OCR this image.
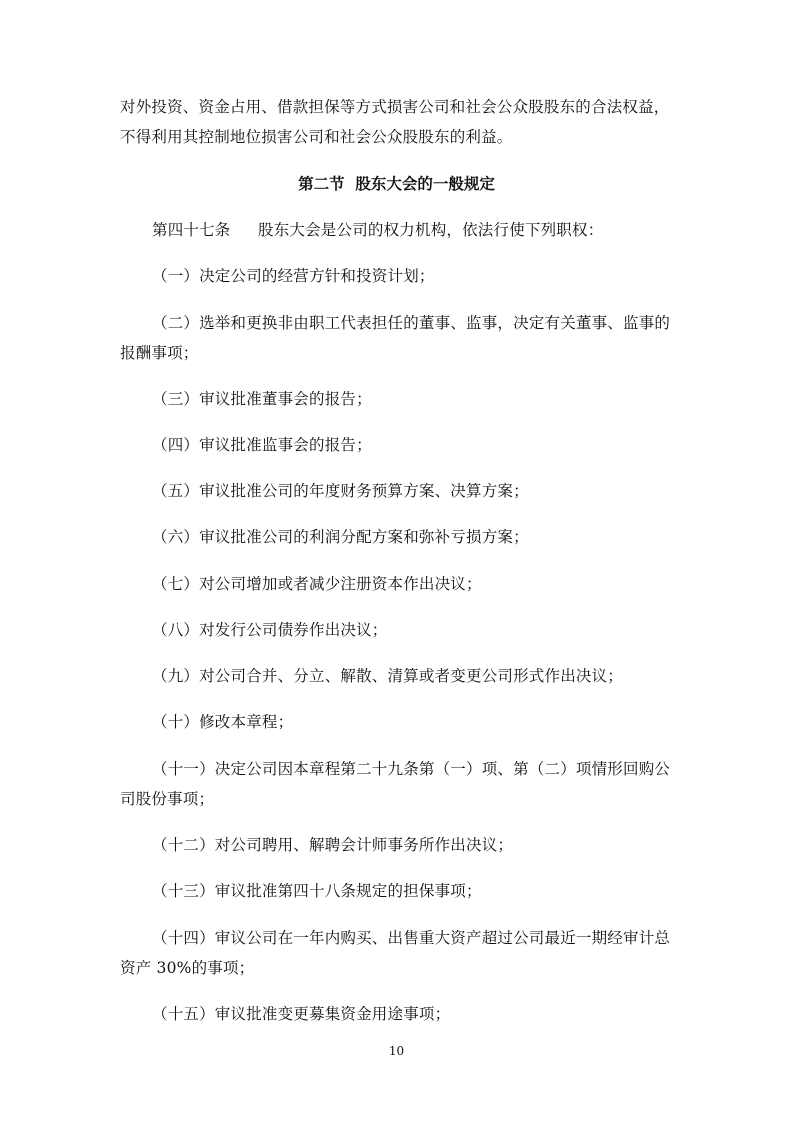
对外投资、资金占用、借款担保等方式损害公司和社会公众股股东的合法权益，
不得利用其控制地位损害公司和社会公众股股东的利益。
第二节  股东大会的一般规定
第四十七条 股东大会是公司的权力机构，依法行使下列职权：
（一）决定公司的经营方针和投资计划；
（二）选举和更换非由职工代表担任的董事、监事，决定有关董事、监事的
报酬事项；
（三）审议批准董事会的报告；
（四）审议批准监事会的报告；
（五）审议批准公司的年度财务预算方案、决算方案；
（六）审议批准公司的利润分配方案和弥补亏损方案；
（七）对公司增加或者减少注册资本作出决议；
（八）对发行公司债券作出决议；
（九）对公司合并、分立、解散、清算或者变更公司形式作出决议；
（十）修改本章程；
（十一）决定公司因本章程第二十九条第（一）项、第（二）项情形回购公
司股份事项；
（十二）对公司聘用、解聘会计师事务所作出决议；
（十三）审议批准第四十八条规定的担保事项；
（十四）审议公司在一年内购买、出售重大资产超过公司最近一期经审计总
资产 30%的事项；
（十五）审议批准变更募集资金用途事项；
10
